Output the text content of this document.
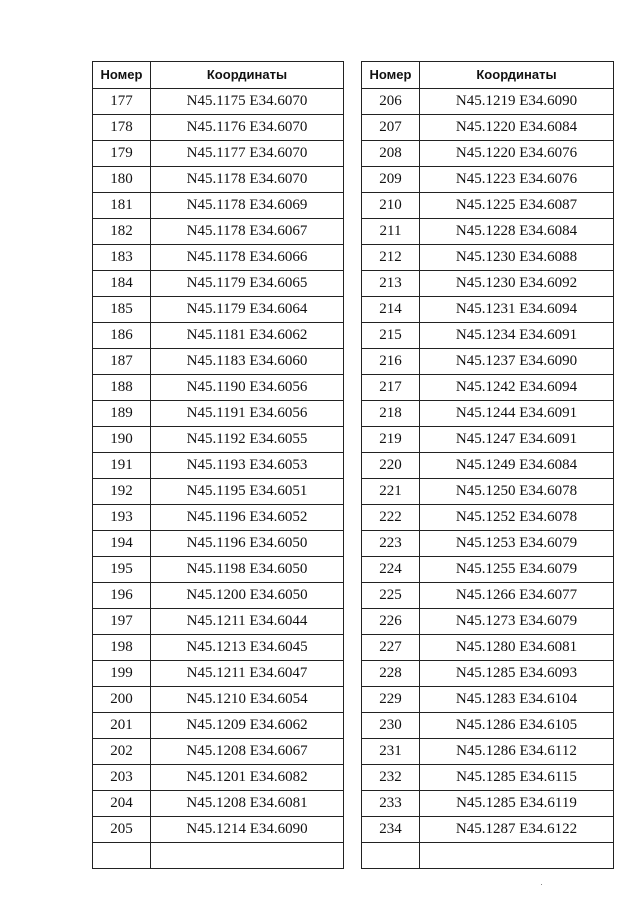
Номер	Координаты
177	N45.1175 E34.6070
178	N45.1176 E34.6070
179	N45.1177 E34.6070
180	N45.1178 E34.6070
181	N45.1178 E34.6069
182	N45.1178 E34.6067
183	N45.1178 E34.6066
184	N45.1179 E34.6065
185	N45.1179 E34.6064
186	N45.1181 E34.6062
187	N45.1183 E34.6060
188	N45.1190 E34.6056
189	N45.1191 E34.6056
190	N45.1192 E34.6055
191	N45.1193 E34.6053
192	N45.1195 E34.6051
193	N45.1196 E34.6052
194	N45.1196 E34.6050
195	N45.1198 E34.6050
196	N45.1200 E34.6050
197	N45.1211 E34.6044
198	N45.1213 E34.6045
199	N45.1211 E34.6047
200	N45.1210 E34.6054
201	N45.1209 E34.6062
202	N45.1208 E34.6067
203	N45.1201 E34.6082
204	N45.1208 E34.6081
205	N45.1214 E34.6090

Номер	Координаты
206	N45.1219 E34.6090
207	N45.1220 E34.6084
208	N45.1220 E34.6076
209	N45.1223 E34.6076
210	N45.1225 E34.6087
211	N45.1228 E34.6084
212	N45.1230 E34.6088
213	N45.1230 E34.6092
214	N45.1231 E34.6094
215	N45.1234 E34.6091
216	N45.1237 E34.6090
217	N45.1242 E34.6094
218	N45.1244 E34.6091
219	N45.1247 E34.6091
220	N45.1249 E34.6084
221	N45.1250 E34.6078
222	N45.1252 E34.6078
223	N45.1253 E34.6079
224	N45.1255 E34.6079
225	N45.1266 E34.6077
226	N45.1273 E34.6079
227	N45.1280 E34.6081
228	N45.1285 E34.6093
229	N45.1283 E34.6104
230	N45.1286 E34.6105
231	N45.1286 E34.6112
232	N45.1285 E34.6115
233	N45.1285 E34.6119
234	N45.1287 E34.6122
